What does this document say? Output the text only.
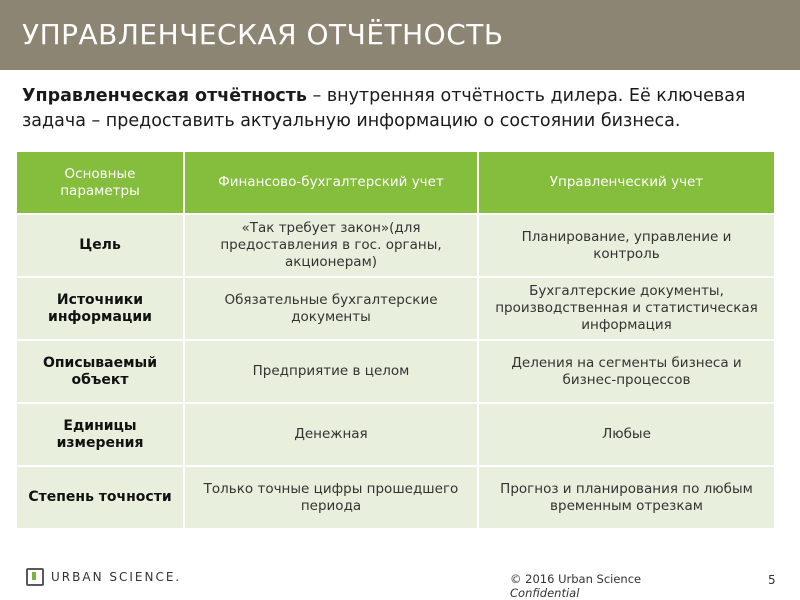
УПРАВЛЕНЧЕСКАЯ ОТЧЁТНОСТЬ
Управленческая отчётность – внутренняя отчётность дилера. Её ключевая задача – предоставить актуальную информацию о состоянии бизнеса.
Основные параметры	Финансово-бухгалтерский учет	Управленческий учет
Цель	«Так требует закон»(для предоставления в гос. органы, акционерам)	Планирование, управление и контроль
Источники информации	Обязательные бухгалтерские документы	Бухгалтерские документы, производственная и статистическая информация
Описываемый объект	Предприятие в целом	Деления на сегменты бизнеса и бизнес-процессов
Единицы измерения	Денежная	Любые
Степень точности	Только точные цифры прошедшего периода	Прогноз и планирования по любым временным отрезкам
URBAN SCIENCE.	© 2016 Urban Science
Confidential
5
